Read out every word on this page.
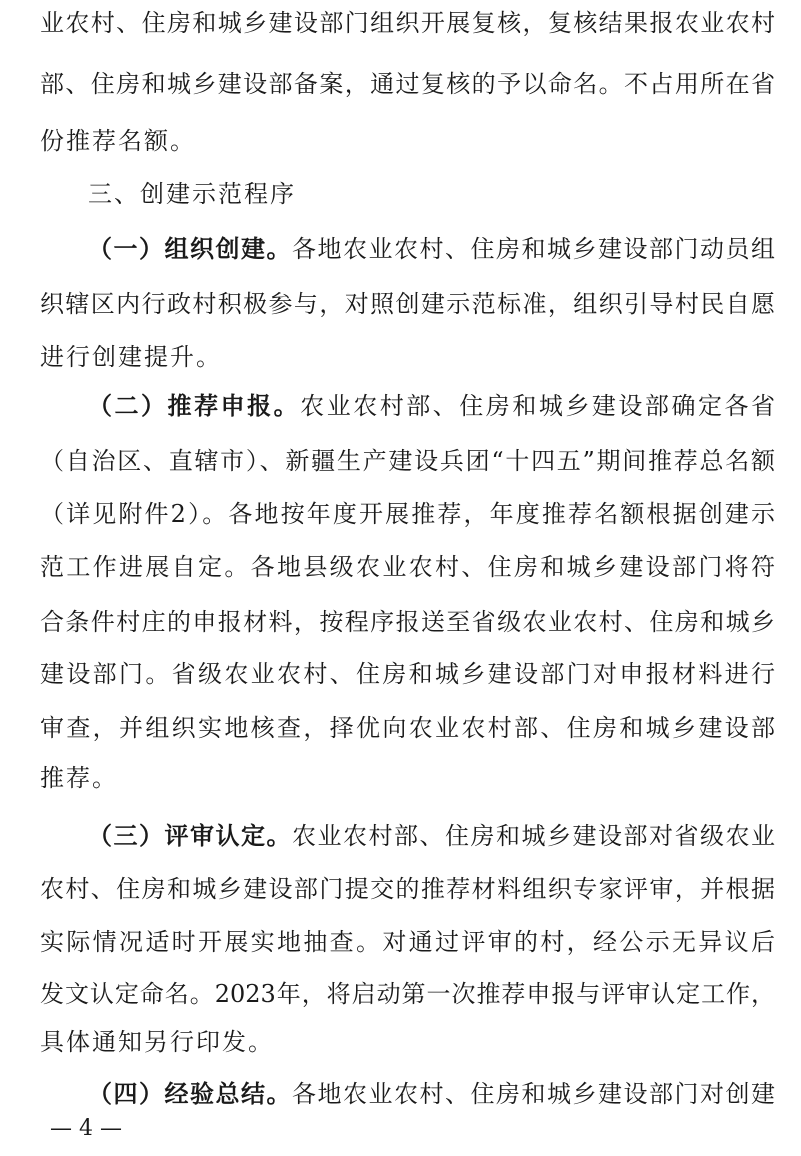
业农村、住房和城乡建设部门组织开展复核，复核结果报农业农村
部、住房和城乡建设部备案，通过复核的予以命名。不占用所在省
份推荐名额。
三、创建示范程序
（一）组织创建。各地农业农村、住房和城乡建设部门动员组
织辖区内行政村积极参与，对照创建示范标准，组织引导村民自愿
进行创建提升。
（二）推荐申报。农业农村部、住房和城乡建设部确定各省
（自治区、直辖市）、新疆生产建设兵团“十四五”期间推荐总名额
（详见附件2）。各地按年度开展推荐，年度推荐名额根据创建示
范工作进展自定。各地县级农业农村、住房和城乡建设部门将符
合条件村庄的申报材料，按程序报送至省级农业农村、住房和城乡
建设部门。省级农业农村、住房和城乡建设部门对申报材料进行
审查，并组织实地核查，择优向农业农村部、住房和城乡建设部
推荐。
（三）评审认定。农业农村部、住房和城乡建设部对省级农业
农村、住房和城乡建设部门提交的推荐材料组织专家评审，并根据
实际情况适时开展实地抽查。对通过评审的村，经公示无异议后
发文认定命名。2023年，将启动第一次推荐申报与评审认定工作，
具体通知另行印发。
（四）经验总结。各地农业农村、住房和城乡建设部门对创建
— 4 —
